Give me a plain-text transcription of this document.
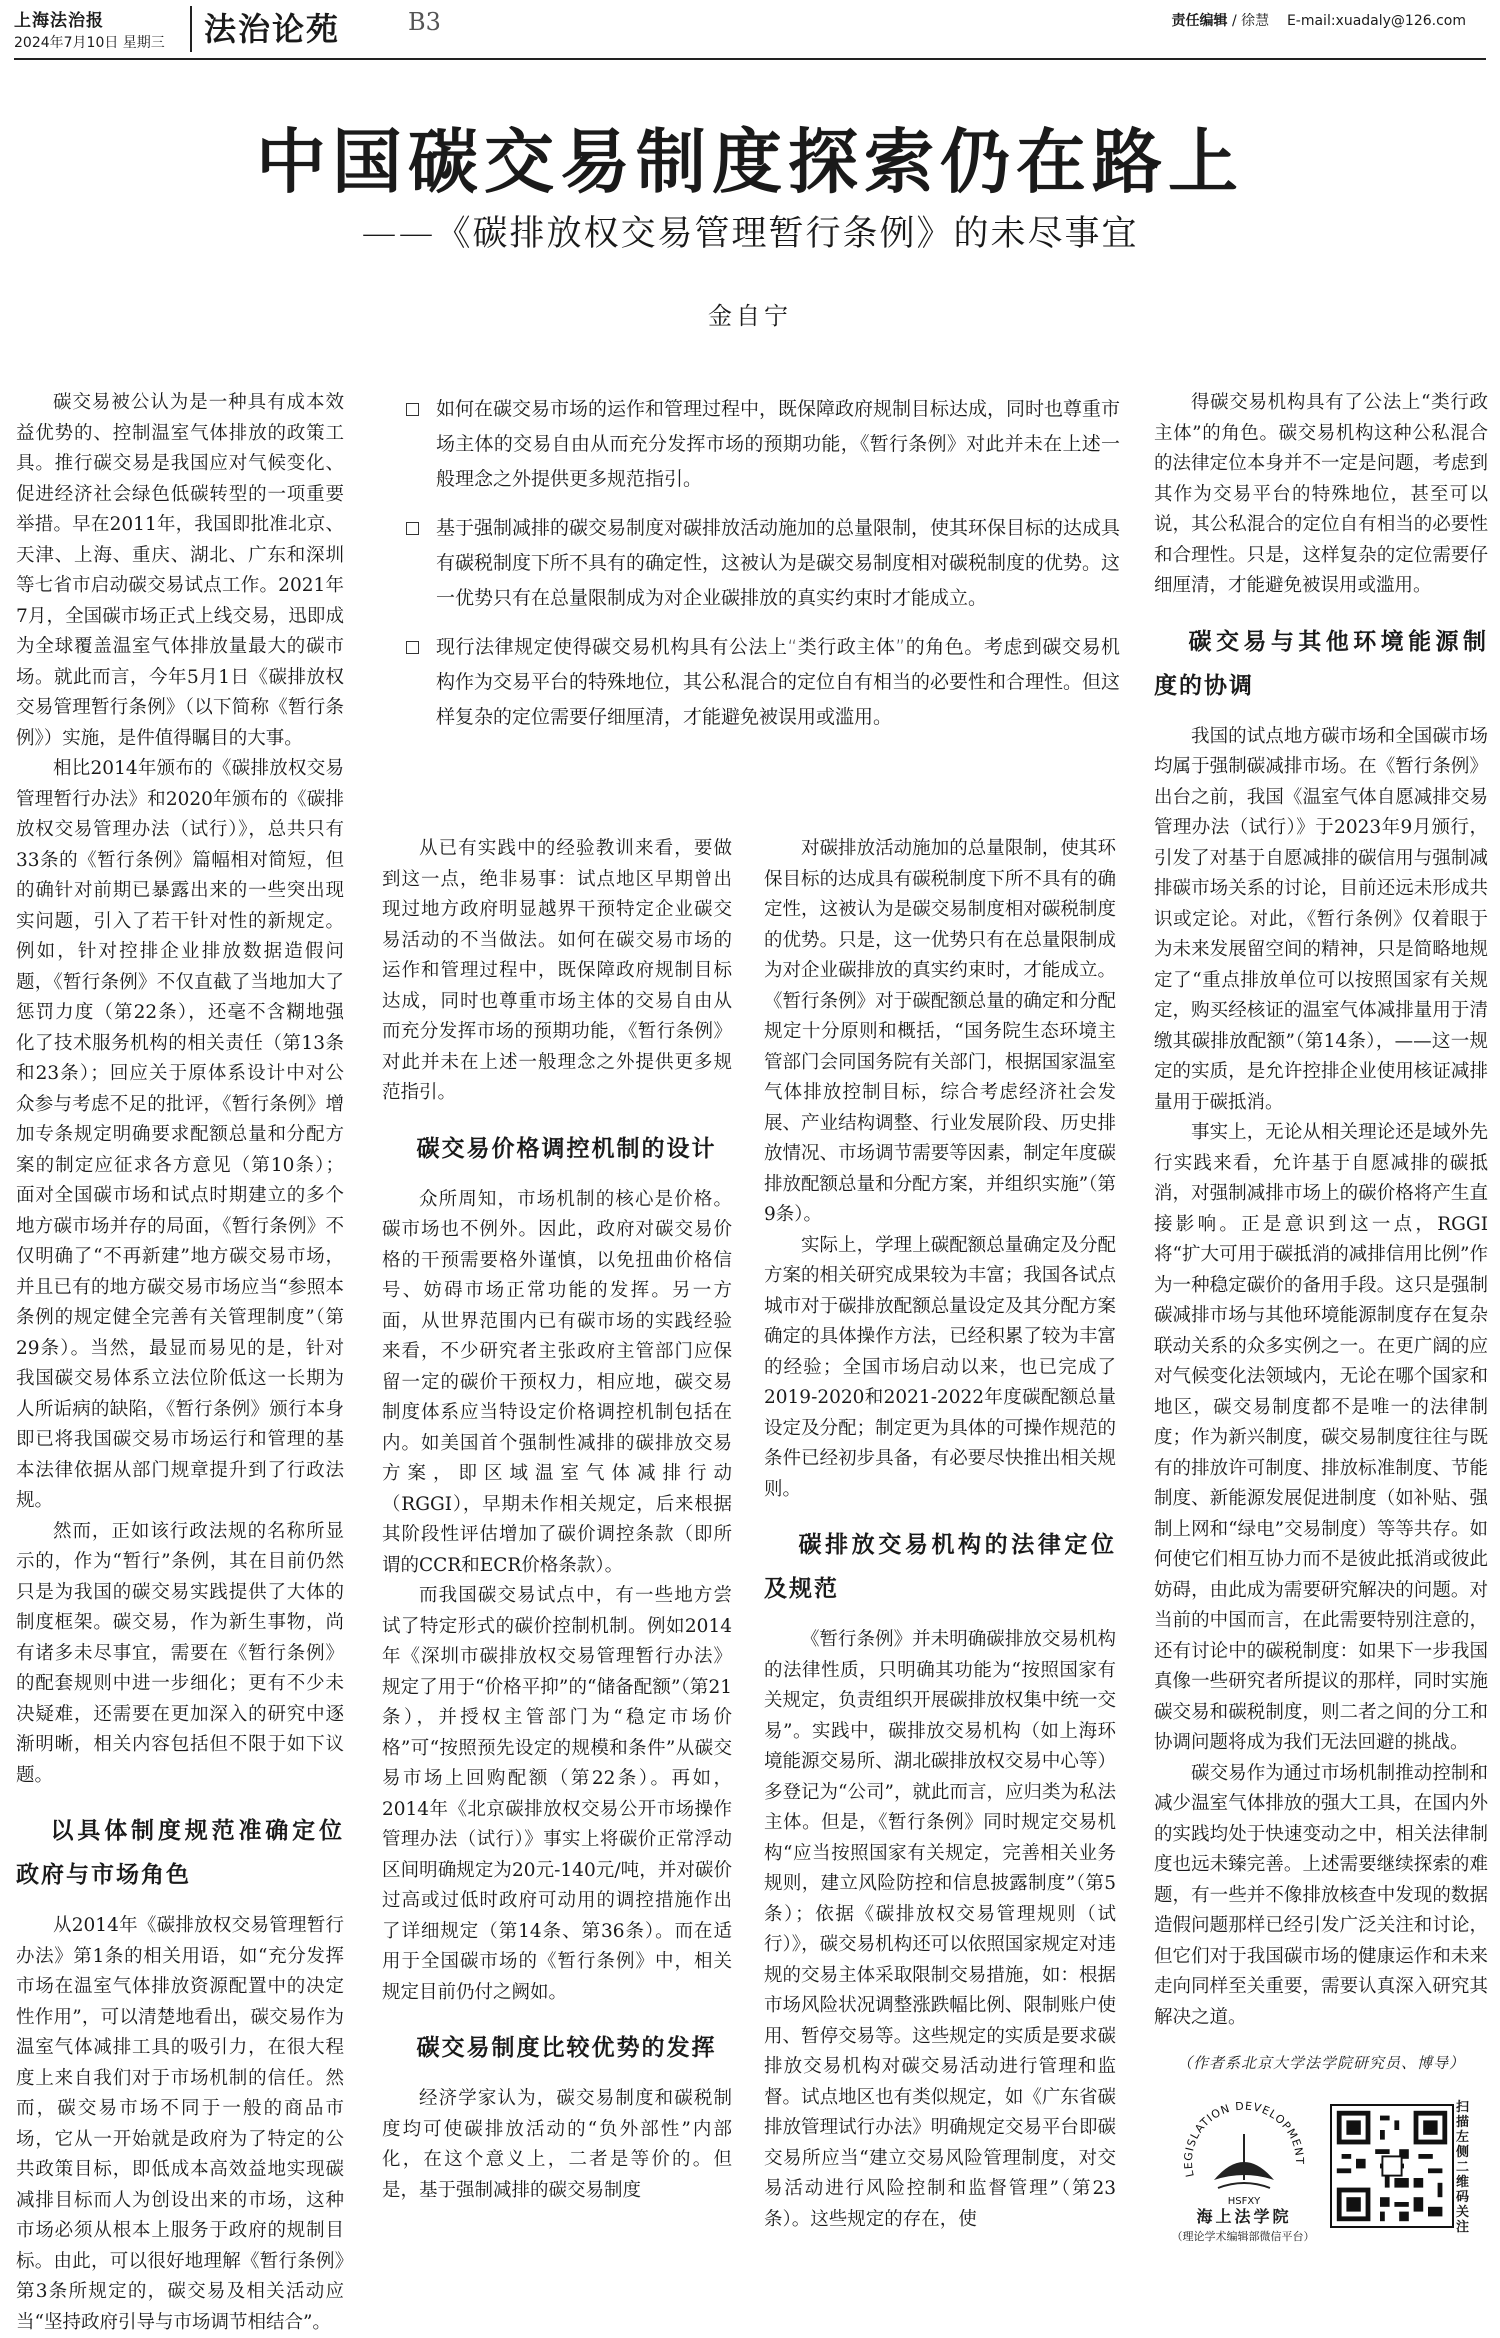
上海法治报
2024年7月10日 星期三 法治论苑	B3	责任编辑 / 徐慧 E-mail:xuadaly@126.com
中国碳交易制度探索仍在路上
——《碳排放权交易管理暂行条例》的未尽事宜
金自宁

碳交易被公认为是一种具有成本效益优势的、控制温室气体排放的政策工具。推行碳交易是我国应对气候变化、促进经济社会绿色低碳转型的一项重要举措。早在2011年，我国即批准北京、天津、上海、重庆、湖北、广东和深圳等七省市启动碳交易试点工作。2021年7月，全国碳市场正式上线交易，迅即成为全球覆盖温室气体排放量最大的碳市场。就此而言，今年5月1日《碳排放权交易管理暂行条例》（以下简称《暂行条例》）实施，是件值得瞩目的大事。

相比2014年颁布的《碳排放权交易管理暂行办法》和2020年颁布的《碳排放权交易管理办法（试行）》，总共只有33条的《暂行条例》篇幅相对简短，但的确针对前期已暴露出来的一些突出现实问题，引入了若干针对性的新规定。例如，针对控排企业排放数据造假问题，《暂行条例》不仅直截了当地加大了惩罚力度（第22条），还毫不含糊地强化了技术服务机构的相关责任（第13条和23条）；回应关于原体系设计中对公众参与考虑不足的批评，《暂行条例》增加专条规定明确要求配额总量和分配方案的制定应征求各方意见（第10条）；面对全国碳市场和试点时期建立的多个地方碳市场并存的局面，《暂行条例》不仅明确了“不再新建”地方碳交易市场，并且已有的地方碳交易市场应当“参照本条例的规定健全完善有关管理制度”（第29条）。当然，最显而易见的是，针对我国碳交易体系立法位阶低这一长期为人所诟病的缺陷，《暂行条例》颁行本身即已将我国碳交易市场运行和管理的基本法律依据从部门规章提升到了行政法规。

然而，正如该行政法规的名称所显示的，作为“暂行”条例，其在目前仍然只是为我国的碳交易实践提供了大体的制度框架。碳交易，作为新生事物，尚有诸多未尽事宜，需要在《暂行条例》的配套规则中进一步细化；更有不少未决疑难，还需要在更加深入的研究中逐渐明晰，相关内容包括但不限于如下议题。

以具体制度规范准确定位政府与市场角色

从2014年《碳排放权交易管理暂行办法》第1条的相关用语，如“充分发挥市场在温室气体排放资源配置中的决定性作用”，可以清楚地看出，碳交易作为温室气体减排工具的吸引力，在很大程度上来自我们对于市场机制的信任。然而，碳交易市场不同于一般的商品市场，它从一开始就是政府为了特定的公共政策目标，即低成本高效益地实现碳减排目标而人为创设出来的市场，这种市场必须从根本上服务于政府的规制目标。由此，可以很好地理解《暂行条例》第3条所规定的，碳交易及相关活动应当“坚持政府引导与市场调节相结合”。

如何在碳交易市场的运作和管理过程中，既保障政府规制目标达成，同时也尊重市场主体的交易自由从而充分发挥市场的预期功能，《暂行条例》对此并未在上述一般理念之外提供更多规范指引。
基于强制减排的碳交易制度对碳排放活动施加的总量限制，使其环保目标的达成具有碳税制度下所不具有的确定性，这被认为是碳交易制度相对碳税制度的优势。这一优势只有在总量限制成为对企业碳排放的真实约束时才能成立。
现行法律规定使得碳交易机构具有公法上“类行政主体”的角色。考虑到碳交易机构作为交易平台的特殊地位，其公私混合的定位自有相当的必要性和合理性。但这样复杂的定位需要仔细厘清，才能避免被误用或滥用。

从已有实践中的经验教训来看，要做到这一点，绝非易事：试点地区早期曾出现过地方政府明显越界干预特定企业碳交易活动的不当做法。如何在碳交易市场的运作和管理过程中，既保障政府规制目标达成，同时也尊重市场主体的交易自由从而充分发挥市场的预期功能，《暂行条例》对此并未在上述一般理念之外提供更多规范指引。

碳交易价格调控机制的设计

众所周知，市场机制的核心是价格。碳市场也不例外。因此，政府对碳交易价格的干预需要格外谨慎，以免扭曲价格信号、妨碍市场正常功能的发挥。另一方面，从世界范围内已有碳市场的实践经验来看，不少研究者主张政府主管部门应保留一定的碳价干预权力，相应地，碳交易制度体系应当特设定价格调控机制包括在内。如美国首个强制性减排的碳排放交易方案，即区域温室气体减排行动（RGGI），早期未作相关规定，后来根据其阶段性评估增加了碳价调控条款（即所谓的CCR和ECR价格条款）。

而我国碳交易试点中，有一些地方尝试了特定形式的碳价控制机制。例如2014年《深圳市碳排放权交易管理暂行办法》规定了用于“价格平抑”的“储备配额”（第21条），并授权主管部门为“稳定市场价格”可“按照预先设定的规模和条件”从碳交易市场上回购配额（第22条）。再如，2014年《北京碳排放权交易公开市场操作管理办法（试行）》事实上将碳价正常浮动区间明确规定为20元-140元/吨，并对碳价过高或过低时政府可动用的调控措施作出了详细规定（第14条、第36条）。而在适用于全国碳市场的《暂行条例》中，相关规定目前仍付之阙如。

碳交易制度比较优势的发挥

经济学家认为，碳交易制度和碳税制度均可使碳排放活动的“负外部性”内部化，在这个意义上，二者是等价的。但是，基于强制减排的碳交易制度

对碳排放活动施加的总量限制，使其环保目标的达成具有碳税制度下所不具有的确定性，这被认为是碳交易制度相对碳税制度的优势。只是，这一优势只有在总量限制成为对企业碳排放的真实约束时，才能成立。《暂行条例》对于碳配额总量的确定和分配规定十分原则和概括，“国务院生态环境主管部门会同国务院有关部门，根据国家温室气体排放控制目标，综合考虑经济社会发展、产业结构调整、行业发展阶段、历史排放情况、市场调节需要等因素，制定年度碳排放配额总量和分配方案，并组织实施”（第9条）。

实际上，学理上碳配额总量确定及分配方案的相关研究成果较为丰富；我国各试点城市对于碳排放配额总量设定及其分配方案确定的具体操作方法，已经积累了较为丰富的经验；全国市场启动以来，也已完成了2019-2020和2021-2022年度碳配额总量设定及分配；制定更为具体的可操作规范的条件已经初步具备，有必要尽快推出相关规则。

碳排放交易机构的法律定位及规范

《暂行条例》并未明确碳排放交易机构的法律性质，只明确其功能为“按照国家有关规定，负责组织开展碳排放权集中统一交易”。实践中，碳排放交易机构（如上海环境能源交易所、湖北碳排放权交易中心等）多登记为“公司”，就此而言，应归类为私法主体。但是，《暂行条例》同时规定交易机构“应当按照国家有关规定，完善相关业务规则，建立风险防控和信息披露制度”（第5条）；依据《碳排放权交易管理规则（试行）》，碳交易机构还可以依照国家规定对违规的交易主体采取限制交易措施，如：根据市场风险状况调整涨跌幅比例、限制账户使用、暂停交易等。这些规定的实质是要求碳排放交易机构对碳交易活动进行管理和监督。试点地区也有类似规定，如《广东省碳排放管理试行办法》明确规定交易平台即碳交易所应当“建立交易风险管理制度，对交易活动进行风险控制和监督管理”（第23条）。这些规定的存在，使

得碳交易机构具有了公法上“类行政主体”的角色。碳交易机构这种公私混合的法律定位本身并不一定是问题，考虑到其作为交易平台的特殊地位，甚至可以说，其公私混合的定位自有相当的必要性和合理性。只是，这样复杂的定位需要仔细厘清，才能避免被误用或滥用。

碳交易与其他环境能源制度的协调

我国的试点地方碳市场和全国碳市场均属于强制碳减排市场。在《暂行条例》出台之前，我国《温室气体自愿减排交易管理办法（试行）》于2023年9月颁行，引发了对基于自愿减排的碳信用与强制减排碳市场关系的讨论，目前还远未形成共识或定论。对此，《暂行条例》仅着眼于为未来发展留空间的精神，只是简略地规定了“重点排放单位可以按照国家有关规定，购买经核证的温室气体减排量用于清缴其碳排放配额”（第14条），——这一规定的实质，是允许控排企业使用核证减排量用于碳抵消。

事实上，无论从相关理论还是域外先行实践来看，允许基于自愿减排的碳抵消，对强制减排市场上的碳价格将产生直接影响。正是意识到这一点，RGGI将“扩大可用于碳抵消的减排信用比例”作为一种稳定碳价的备用手段。这只是强制碳减排市场与其他环境能源制度存在复杂联动关系的众多实例之一。在更广阔的应对气候变化法领域内，无论在哪个国家和地区，碳交易制度都不是唯一的法律制度；作为新兴制度，碳交易制度往往与既有的排放许可制度、排放标准制度、节能制度、新能源发展促进制度（如补贴、强制上网和“绿电”交易制度）等等共存。如何使它们相互协力而不是彼此抵消或彼此妨碍，由此成为需要研究解决的问题。对当前的中国而言，在此需要特别注意的，还有讨论中的碳税制度：如果下一步我国真像一些研究者所提议的那样，同时实施碳交易和碳税制度，则二者之间的分工和协调问题将成为我们无法回避的挑战。

碳交易作为通过市场机制推动控制和减少温室气体排放的强大工具，在国内外的实践均处于快速变动之中，相关法律制度也远未臻完善。上述需要继续探索的难题，有一些并不像排放核查中发现的数据造假问题那样已经引发广泛关注和讨论，但它们对于我国碳市场的健康运作和未来走向同样至关重要，需要认真深入研究其解决之道。

（作者系北京大学法学院研究员、博导）
LEGISLATION DEVELOPMENT
HSFXY
海上法学院
（理论学术编辑部微信平台）
扫描左侧二维码关注
